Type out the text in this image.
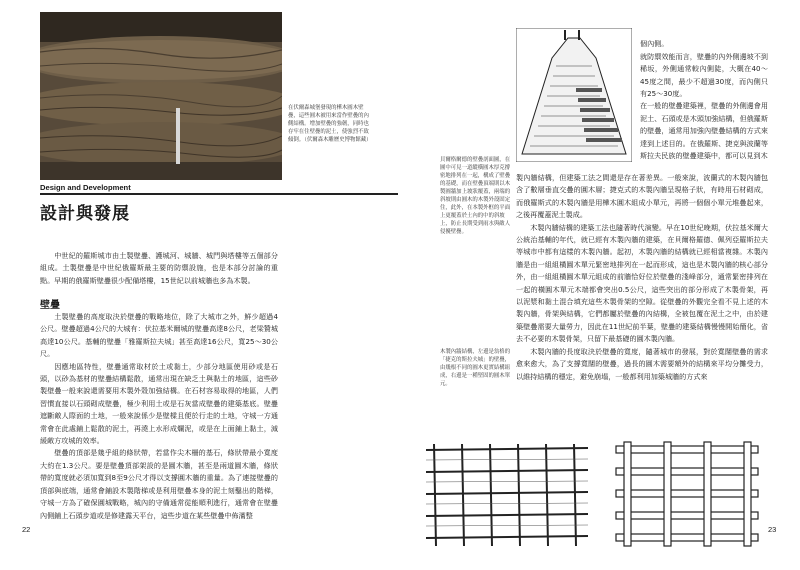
在伏爾森城堡發現的樺木圓木壁疊，這些圓木被用來當作壁疊的內側結構。增加壁疊的強韌，同時也存牢在住壁疊的泥土，使強烈不致傾倒。（伏爾森木雕歷史博物館藏）
Design and Development
設計與發展

中世紀的羅斯城市由土製壁疊、護城河、城牆、城門與塔樓等五個部分組成。土製壁疊是中世紀俄羅斯最主要的防禦設施，也是本部分討論的重點。早期的俄羅斯壁疊很少配備塔樓，15世紀以前城牆也多為木製。

壁疊

土製壁疊的高度取決於壁疊的戰略地位，除了大城市之外，鮮少超過4公尺。壁疊超過4公尺的大城有：伏拉基米爾城的壁疊高達8公尺，老梁贊城高達10公尺。基輔的壁疊「雅羅斯拉夫城」甚至高達16公尺，寬25～30公尺。

因應地區特性，壁疊通常取材於土或黏土，少部分地區使用砂或是石頭，以砂為基材的壁疊結構鬆散，通常出現在缺乏土與黏土的地區，這些砂製壁疊一般來說還需要用木製外殼加強結構。在石材容易取得的地區，人們習慣直接以石頭砌成壁疊，極少利用土或是石灰當成壁疊的建築基底。壁疊遮斷敵人際面的土地，一般來說係少是壁樑且便於行走的土地，守城一方通常會在此處鋪上鬆散的泥土，再澆上水形成爛泥，或是在上面鋪上黏土，減緩敵方攻城的效率。

壁疊的頂部是幾乎組的條狀帶，若當作尖木柵的基石，條狀帶最小寬度大約在1.3公尺。要是壁疊頂部架設的是圓木牆，甚至是兩道圓木牆，條狀帶的寬度就必須加寬到8至9公尺才得以支撐圓木牆的重量。為了連接壁疊的頂部與底端，通常會鋪設木製階梯或是利用壁疊本身的泥土刻鑿出的階梯，守城一方為了確保圓城戰略，城內的守備通常從能順利進行，通常會在壁疊內側鋪上石頭步道或是修建露天平台，這些步道在某些壁疊中佈滿整

22
貝爾格爾德的壁疊剖面圖，在圖中可見一道縱橫圓木厚克撐密地排列在一起，構成了壁疊的基礎，而在壁疊頂端則以木製圓牆加上坡狀覆蓋，兩端的斜坡則由圓木的木製外殼固定住，此外，在本製外框的平面上更覆蓋於土內的中的斜坡上，防止長期受到雨水與敵人侵擾壁疊。

個內側。
就防禦效能而言，壁疊的內外側邊坡不到稀坂，外側通常較內側陡，大概在40～45度之間，最少不超過30度，而內側只有25～30度。
在一般的壁疊建築裡，壁疊的外側邊會用泥土、石頭或是木頭加強結構，但俄羅斯的壁疊，通常用加強內壁疊結構的方式來達到上述目的。在俄羅斯、捷克與波蘭等斯拉夫民族的壁疊建築中，都可以見到木

製內牆結構，但建築工法之間還是存在著差異。一般來說，波蘭式的木製內牆包含了數層垂直交疊的圓木層；捷克式的木製內牆呈現格子狀，有時用石材砌成，而俄羅斯式的木製內牆是用樺木圓木組成小單元，再將一個個小單元堆疊起來，之後再覆蓋泥土製成。

木製內牆結構的建築工法也隨著時代演變。早在10世紀晚期，伏拉基米爾大公統治基輔的年代，就已經有木製內牆的建築，在貝爾格羅德、佩列亞羅斯拉夫等城市中都有這樣的木製內牆。起初，木製內牆的結構就已經相當複雜。木製內牆是由一組組橫圓木單元緊密地排列在一起而形成，這也是木製內牆的核心部分外，由一組組橫圓木單元組成的前牆恰好位於壁疊的淺峰部分，通常緊密排列在一起的橫圓木單元木端都會突出0.5公尺，這些突出的部分形成了木製骨架，再以泥漿和黏土混合填充這些木製骨架的空隙。從壁疊的外觀完全看不見上述的木製內牆，骨架與結構，它們都屬於壁疊的內結構，全被包覆在泥土之中，由於建築壁疊需要大量勞力，因此在11世紀前半葉，壁疊的建築結構慢慢開始簡化，省去不必要的木製骨架，只留下最基礎的圓木製內牆。

木製內牆的長度取決於壁疊的寬度，隨著城市的發展，對於寬闊壁疊的需求愈來愈大，為了支撐寬闊的壁疊，過長的圓木需要額外的結構來平均分攤受力，以維持結構的穩定，避免崩塌，一般都利用加築城牆的方式來

木製內牆結構，左邊是翁格的「捷克的斯拉夫城」的壁疊，由幾根不同的圓木更實結構組成，右邊是一種堅固的圓木單元。
23
